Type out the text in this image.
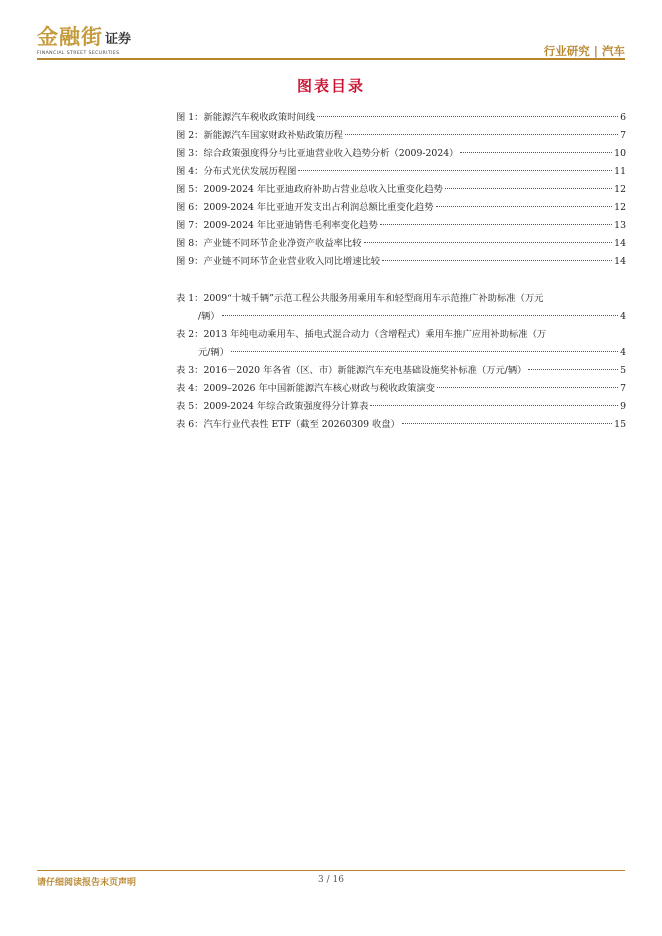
金融街 证券
FINANCIAL STREET SECURITIES	行业研究 | 汽车
图表目录
图 1：新能源汽车税收政策时间线	6
图 2：新能源汽车国家财政补贴政策历程	7
图 3：综合政策强度得分与比亚迪营业收入趋势分析（2009-2024）	10
图 4：分布式光伏发展历程图	11
图 5：2009-2024 年比亚迪政府补助占营业总收入比重变化趋势	12
图 6：2009-2024 年比亚迪开发支出占利润总额比重变化趋势	12
图 7：2009-2024 年比亚迪销售毛利率变化趋势	13
图 8：产业链不同环节企业净资产收益率比较	14
图 9：产业链不同环节企业营业收入同比增速比较	14
表 1：2009“十城千辆”示范工程公共服务用乘用车和轻型商用车示范推广补助标准（万元
/辆）	4
表 2：2013 年纯电动乘用车、插电式混合动力（含增程式）乘用车推广应用补助标准（万
元/辆）	4
表 3：2016－2020 年各省（区、市）新能源汽车充电基础设施奖补标准（万元/辆）	5
表 4：2009–2026 年中国新能源汽车核心财政与税收政策演变	7
表 5：2009-2024 年综合政策强度得分计算表	9
表 6：汽车行业代表性 ETF（截至 20260309 收盘）	15
请仔细阅读报告末页声明	3 / 16
